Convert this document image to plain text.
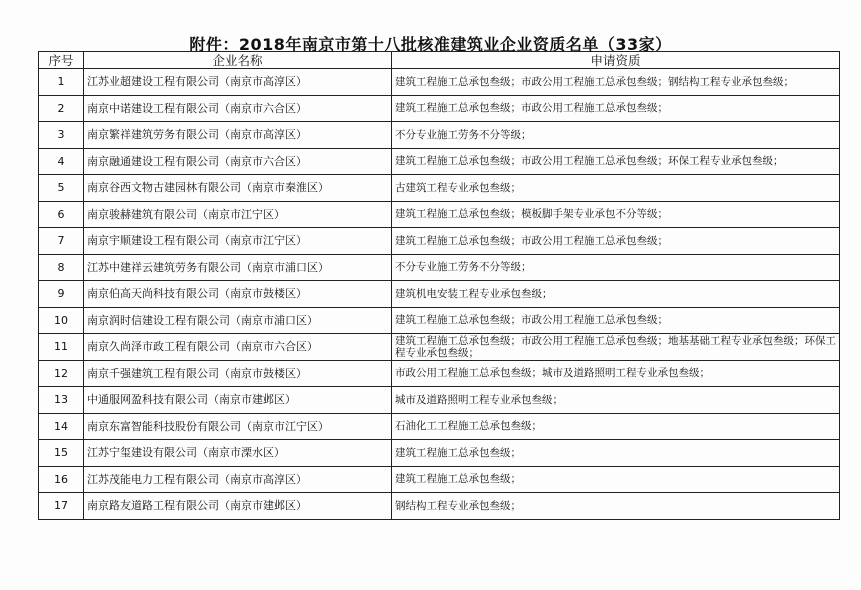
附件：2018年南京市第十八批核准建筑业企业资质名单（33家）
序号	企业名称	申请资质
1	江苏业超建设工程有限公司（南京市高淳区）	建筑工程施工总承包叁级；市政公用工程施工总承包叁级；钢结构工程专业承包叁级；
2	南京中诺建设工程有限公司（南京市六合区）	建筑工程施工总承包叁级；市政公用工程施工总承包叁级；
3	南京繁祥建筑劳务有限公司（南京市高淳区）	不分专业施工劳务不分等级；
4	南京融通建设工程有限公司（南京市六合区）	建筑工程施工总承包叁级；市政公用工程施工总承包叁级；环保工程专业承包叁级；
5	南京谷西文物古建园林有限公司（南京市秦淮区）	古建筑工程专业承包叁级；
6	南京骏赫建筑有限公司（南京市江宁区）	建筑工程施工总承包叁级；模板脚手架专业承包不分等级；
7	南京宇顺建设工程有限公司（南京市江宁区）	建筑工程施工总承包叁级；市政公用工程施工总承包叁级；
8	江苏中建祥云建筑劳务有限公司（南京市浦口区）	不分专业施工劳务不分等级；
9	南京伯高天尚科技有限公司（南京市鼓楼区）	建筑机电安装工程专业承包叁级；
10	南京润时信建设工程有限公司（南京市浦口区）	建筑工程施工总承包叁级；市政公用工程施工总承包叁级；
11	南京久尚泽市政工程有限公司（南京市六合区）	建筑工程施工总承包叁级；市政公用工程施工总承包叁级；地基基础工程专业承包叁级；环保工程专业承包叁级；
12	南京千强建筑工程有限公司（南京市鼓楼区）	市政公用工程施工总承包叁级；城市及道路照明工程专业承包叁级；
13	中通服网盈科技有限公司（南京市建邺区）	城市及道路照明工程专业承包叁级；
14	南京东富智能科技股份有限公司（南京市江宁区）	石油化工工程施工总承包叁级；
15	江苏宁玺建设有限公司（南京市溧水区）	建筑工程施工总承包叁级；
16	江苏茂能电力工程有限公司（南京市高淳区）	建筑工程施工总承包叁级；
17	南京路友道路工程有限公司（南京市建邺区）	钢结构工程专业承包叁级；
